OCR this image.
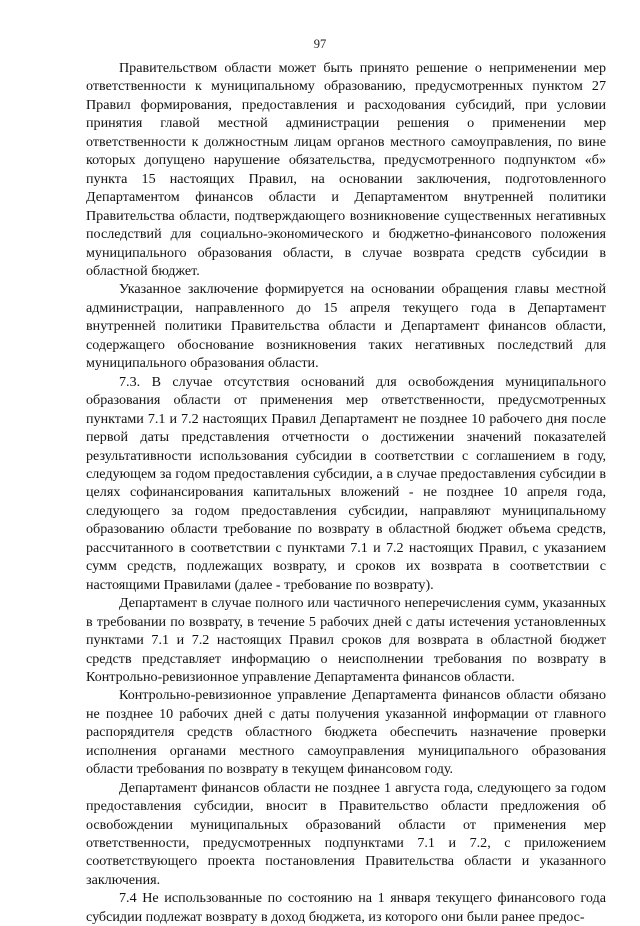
97

Правительством области может быть принято решение о неприменении мер ответственности к муниципальному образованию, предусмотренных пунктом 27 Правил формирования, предоставления и расходования субсидий, при условии принятия главой местной администрации решения о применении мер ответственности к должностным лицам органов местного самоуправления, по вине которых допущено нарушение обязательства, предусмотренного подпунктом «б» пункта 15 настоящих Правил, на основании заключения, подготовленного Департаментом финансов области и Департаментом внутренней политики Правительства области, подтверждающего возникновение существенных негативных последствий для социально-экономического и бюджетно-финансового положения муниципального образования области, в случае возврата средств субсидии в областной бюджет.

Указанное заключение формируется на основании обращения главы местной администрации, направленного до 15 апреля текущего года в Департамент внутренней политики Правительства области и Департамент финансов области, содержащего обоснование возникновения таких негативных последствий для муниципального образования области.

7.3. В случае отсутствия оснований для освобождения муниципального образования области от применения мер ответственности, предусмотренных пунктами 7.1 и 7.2 настоящих Правил Департамент не позднее 10 рабочего дня после первой даты представления отчетности о достижении значений показателей результативности использования субсидии в соответствии с соглашением в году, следующем за годом предоставления субсидии, а в случае предоставления субсидии в целях софинансирования капитальных вложений - не позднее 10 апреля года, следующего за годом предоставления субсидии, направляют муниципальному образованию области требование по возврату в областной бюджет объема средств, рассчитанного в соответствии с пунктами 7.1 и 7.2 настоящих Правил, с указанием сумм средств, подлежащих возврату, и сроков их возврата в соответствии с настоящими Правилами (далее - требование по возврату).

Департамент в случае полного или частичного неперечисления сумм, указанных в требовании по возврату, в течение 5 рабочих дней с даты истечения установленных пунктами 7.1 и 7.2 настоящих Правил сроков для возврата в областной бюджет средств представляет информацию о неисполнении требования по возврату в Контрольно-ревизионное управление Департамента финансов области.

Контрольно-ревизионное управление Департамента финансов области обязано не позднее 10 рабочих дней с даты получения указанной информации от главного распорядителя средств областного бюджета обеспечить назначение проверки исполнения органами местного самоуправления муниципального образования области требования по возврату в текущем финансовом году.

Департамент финансов области не позднее 1 августа года, следующего за годом предоставления субсидии, вносит в Правительство области предложения об освобождении муниципальных образований области от применения мер ответственности, предусмотренных подпунктами 7.1 и 7.2, с приложением соответствующего проекта постановления Правительства области и указанного заключения.

7.4 Не использованные по состоянию на 1 января текущего финансового года субсидии подлежат возврату в доход бюджета, из которого они были ранее предос-
